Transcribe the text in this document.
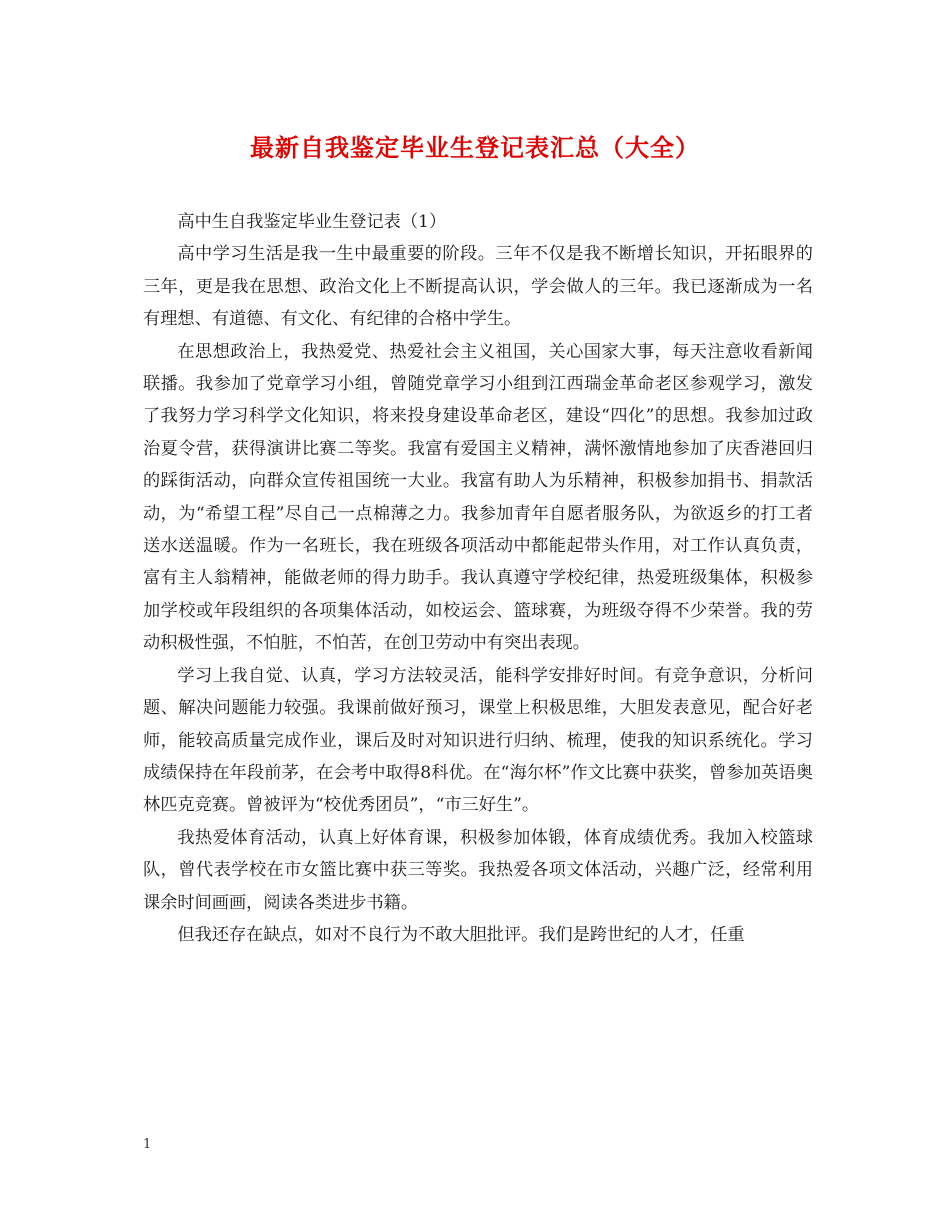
最新自我鉴定毕业生登记表汇总（大全）

高中生自我鉴定毕业生登记表（1）

高中学习生活是我一生中最重要的阶段。三年不仅是我不断增长知识，开拓眼界的三年，更是我在思想、政治文化上不断提高认识，学会做人的三年。我已逐渐成为一名有理想、有道德、有文化、有纪律的合格中学生。

在思想政治上，我热爱党、热爱社会主义祖国，关心国家大事，每天注意收看新闻联播。我参加了党章学习小组，曾随党章学习小组到江西瑞金革命老区参观学习，激发了我努力学习科学文化知识，将来投身建设革命老区，建设“四化”的思想。我参加过政治夏令营，获得演讲比赛二等奖。我富有爱国主义精神，满怀激情地参加了庆香港回归的踩街活动，向群众宣传祖国统一大业。我富有助人为乐精神，积极参加捐书、捐款活动，为“希望工程”尽自己一点棉薄之力。我参加青年自愿者服务队，为欲返乡的打工者送水送温暖。作为一名班长，我在班级各项活动中都能起带头作用，对工作认真负责，富有主人翁精神，能做老师的得力助手。我认真遵守学校纪律，热爱班级集体，积极参加学校或年段组织的各项集体活动，如校运会、篮球赛，为班级夺得不少荣誉。我的劳动积极性强，不怕脏，不怕苦，在创卫劳动中有突出表现。

学习上我自觉、认真，学习方法较灵活，能科学安排好时间。有竞争意识，分析问题、解决问题能力较强。我课前做好预习，课堂上积极思维，大胆发表意见，配合好老师，能较高质量完成作业，课后及时对知识进行归纳、梳理，使我的知识系统化。学习成绩保持在年段前茅，在会考中取得8科优。在“海尔杯”作文比赛中获奖，曾参加英语奥林匹克竞赛。曾被评为“校优秀团员”，“市三好生”。

我热爱体育活动，认真上好体育课，积极参加体锻，体育成绩优秀。我加入校篮球队，曾代表学校在市女篮比赛中获三等奖。我热爱各项文体活动，兴趣广泛，经常利用课余时间画画，阅读各类进步书籍。

但我还存在缺点，如对不良行为不敢大胆批评。我们是跨世纪的人才，任重

1
